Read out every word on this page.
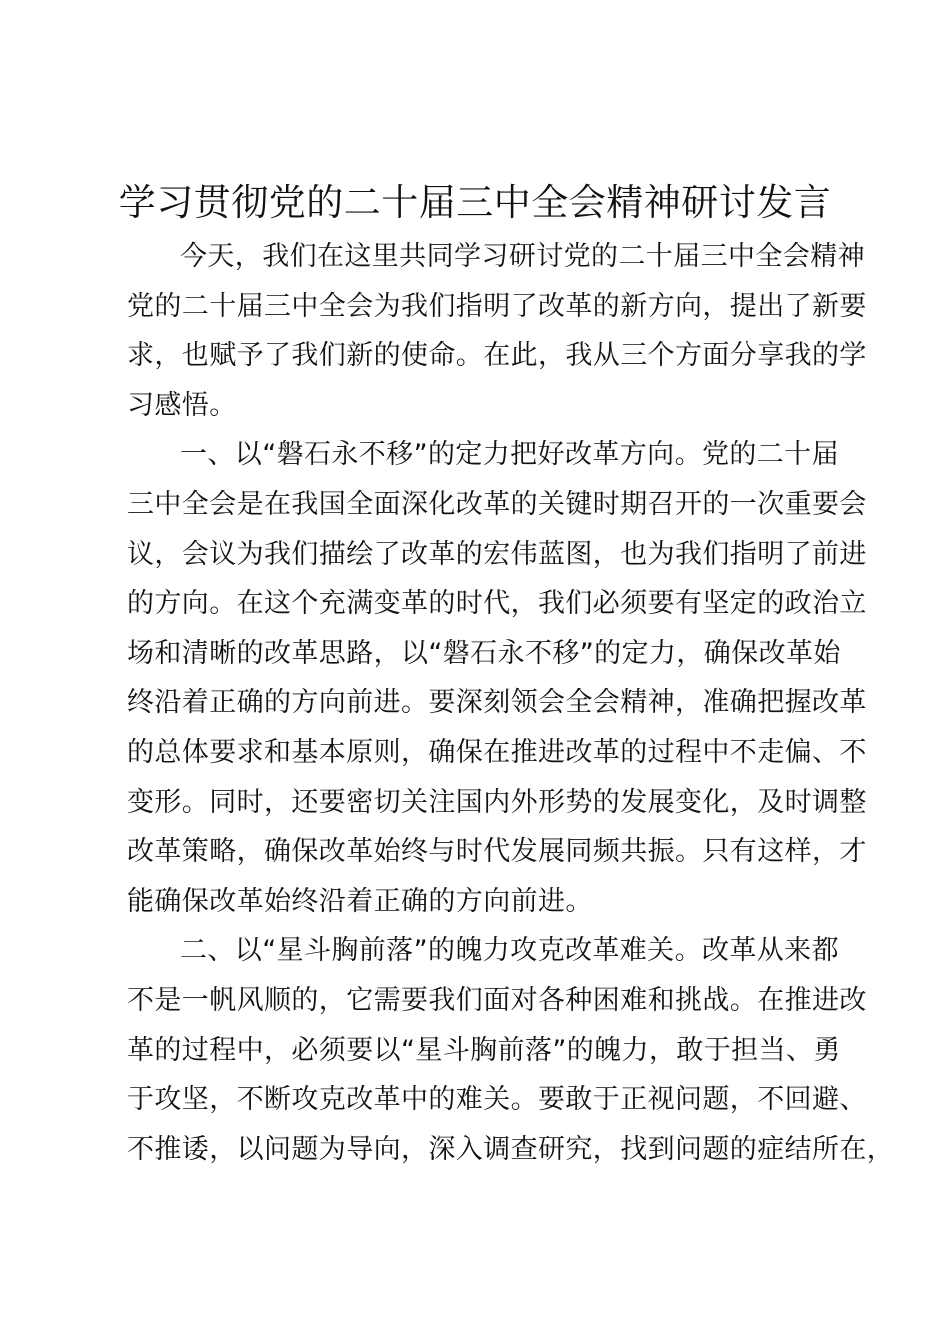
学习贯彻党的二十届三中全会精神研讨发言
今天，我们在这里共同学习研讨党的二十届三中全会精神
党的二十届三中全会为我们指明了改革的新方向，提出了新要
求，也赋予了我们新的使命。在此，我从三个方面分享我的学
习感悟。
一、以“磐石永不移”的定力把好改革方向。党的二十届
三中全会是在我国全面深化改革的关键时期召开的一次重要会
议，会议为我们描绘了改革的宏伟蓝图，也为我们指明了前进
的方向。在这个充满变革的时代，我们必须要有坚定的政治立
场和清晰的改革思路，以“磐石永不移”的定力，确保改革始
终沿着正确的方向前进。要深刻领会全会精神，准确把握改革
的总体要求和基本原则，确保在推进改革的过程中不走偏、不
变形。同时，还要密切关注国内外形势的发展变化，及时调整
改革策略，确保改革始终与时代发展同频共振。只有这样，才
能确保改革始终沿着正确的方向前进。
二、以“星斗胸前落”的魄力攻克改革难关。改革从来都
不是一帆风顺的，它需要我们面对各种困难和挑战。在推进改
革的过程中，必须要以“星斗胸前落”的魄力，敢于担当、勇
于攻坚，不断攻克改革中的难关。要敢于正视问题，不回避、
不推诿，以问题为导向，深入调查研究，找到问题的症结所在，
